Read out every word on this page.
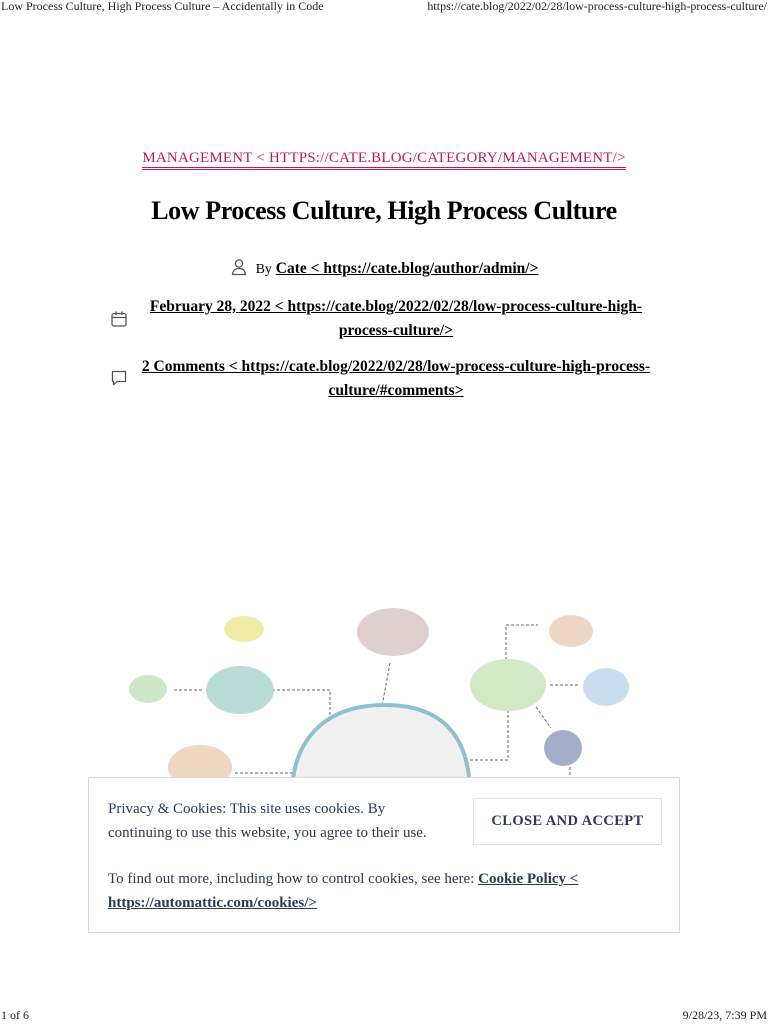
Low Process Culture, High Process Culture – Accidentally in Code	https://cate.blog/2022/02/28/low-process-culture-high-process-culture/
MANAGEMENT < HTTPS://CATE.BLOG/CATEGORY/MANAGEMENT/>
Low Process Culture, High Process Culture
By Cate < https://cate.blog/author/admin/>
February 28, 2022 < https://cate.blog/2022/02/28/low-process-culture-high-process-culture/>
2 Comments < https://cate.blog/2022/02/28/low-process-culture-high-process-culture/#comments>
Privacy & Cookies: This site uses cookies. By continuing to use this website, you agree to their use.
To find out more, including how to control cookies, see here: Cookie Policy < https://automattic.com/cookies/>
CLOSE AND ACCEPT
1 of 6	9/28/23, 7:39 PM
